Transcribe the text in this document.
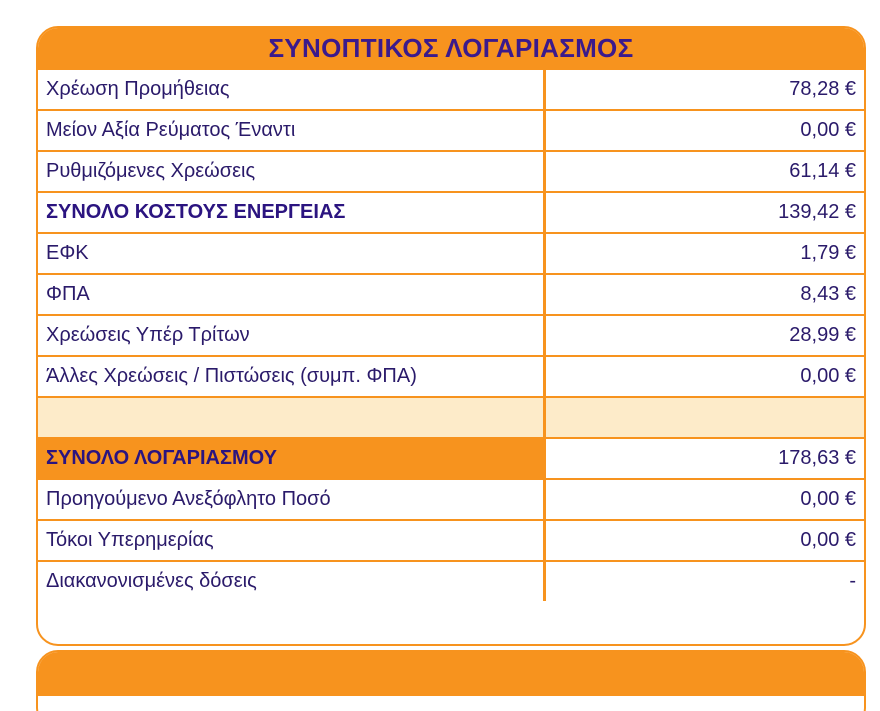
ΣΥΝΟΠΤΙΚΟΣ ΛΟΓΑΡΙΑΣΜΟΣ
Χρέωση Προμήθειας	78,28 €
Μείον Αξία Ρεύματος Έναντι	0,00 €
Ρυθμιζόμενες Χρεώσεις	61,14 €
ΣΥΝΟΛΟ ΚΟΣΤΟΥΣ ΕΝΕΡΓΕΙΑΣ	139,42 €
ΕΦΚ	1,79 €
ΦΠΑ	8,43 €
Χρεώσεις Υπέρ Τρίτων	28,99 €
Άλλες Χρεώσεις / Πιστώσεις (συμπ. ΦΠΑ)	0,00 €
ΣΥΝΟΛΟ ΛΟΓΑΡΙΑΣΜΟΥ	178,63 €
Προηγούμενο Ανεξόφλητο Ποσό	0,00 €
Τόκοι Υπερημερίας	0,00 €
Διακανονισμένες δόσεις	-
